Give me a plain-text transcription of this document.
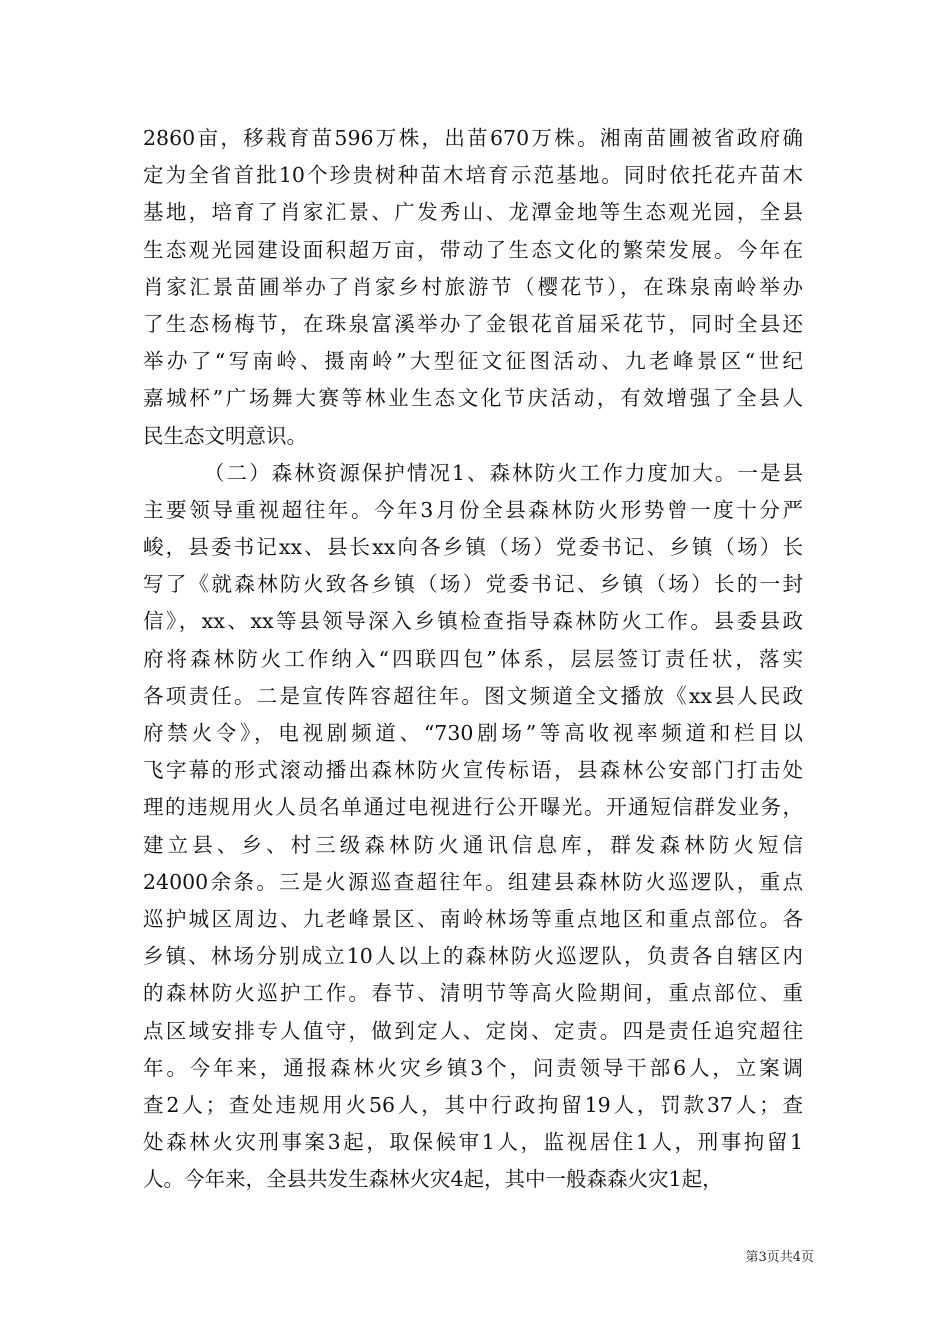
2860亩，移栽育苗596万株，出苗670万株。湘南苗圃被省政府确
定为全省首批10个珍贵树种苗木培育示范基地。同时依托花卉苗木
基地，培育了肖家汇景、广发秀山、龙潭金地等生态观光园，全县
生态观光园建设面积超万亩，带动了生态文化的繁荣发展。今年在
肖家汇景苗圃举办了肖家乡村旅游节（樱花节），在珠泉南岭举办
了生态杨梅节，在珠泉富溪举办了金银花首届采花节，同时全县还
举办了“写南岭、摄南岭”大型征文征图活动、九老峰景区“世纪
嘉城杯”广场舞大赛等林业生态文化节庆活动，有效增强了全县人
民生态文明意识。
（二）森林资源保护情况1、森林防火工作力度加大。一是县
主要领导重视超往年。今年3月份全县森林防火形势曾一度十分严
峻，县委书记xx、县长xx向各乡镇（场）党委书记、乡镇（场）长
写了《就森林防火致各乡镇（场）党委书记、乡镇（场）长的一封
信》，xx、xx等县领导深入乡镇检查指导森林防火工作。县委县政
府将森林防火工作纳入“四联四包”体系，层层签订责任状，落实
各项责任。二是宣传阵容超往年。图文频道全文播放《xx县人民政
府禁火令》，电视剧频道、“730剧场”等高收视率频道和栏目以
飞字幕的形式滚动播出森林防火宣传标语，县森林公安部门打击处
理的违规用火人员名单通过电视进行公开曝光。开通短信群发业务，
建立县、乡、村三级森林防火通讯信息库，群发森林防火短信
24000余条。三是火源巡查超往年。组建县森林防火巡逻队，重点
巡护城区周边、九老峰景区、南岭林场等重点地区和重点部位。各
乡镇、林场分别成立10人以上的森林防火巡逻队，负责各自辖区内
的森林防火巡护工作。春节、清明节等高火险期间，重点部位、重
点区域安排专人值守，做到定人、定岗、定责。四是责任追究超往
年。今年来，通报森林火灾乡镇3个，问责领导干部6人，立案调
查2人；查处违规用火56人，其中行政拘留19人，罚款37人；查
处森林火灾刑事案3起，取保候审1人，监视居住1人，刑事拘留1
人。今年来，全县共发生森林火灾4起，其中一般森森火灾1起，
第3页共4页
